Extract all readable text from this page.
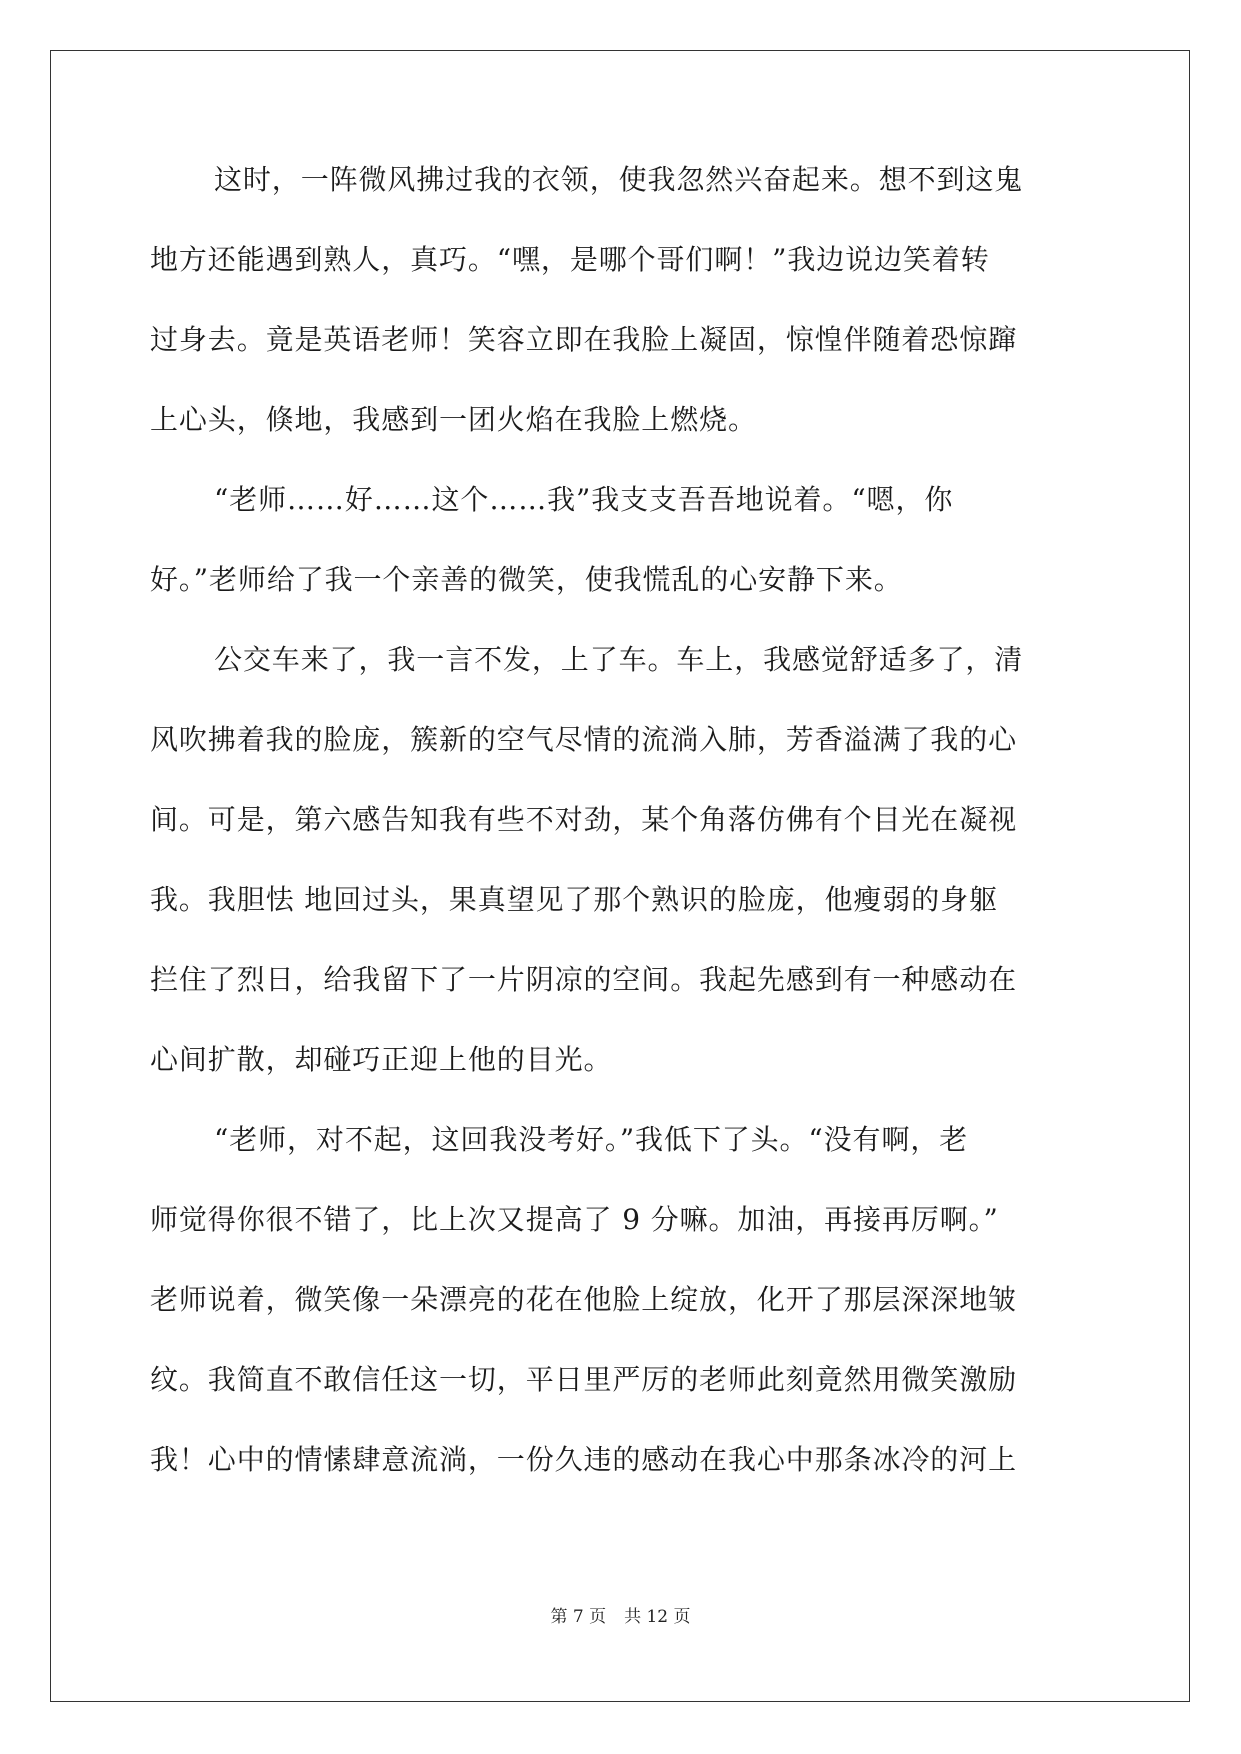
这时，一阵微风拂过我的衣领，使我忽然兴奋起来。想不到这鬼
地方还能遇到熟人，真巧。“嘿，是哪个哥们啊！”我边说边笑着转
过身去。竟是英语老师！笑容立即在我脸上凝固，惊惶伴随着恐惊蹿
上心头，倏地，我感到一团火焰在我脸上燃烧。
“老师……好……这个……我”我支支吾吾地说着。“嗯，你
好。”老师给了我一个亲善的微笑，使我慌乱的心安静下来。
公交车来了，我一言不发，上了车。车上，我感觉舒适多了，清
风吹拂着我的脸庞，簇新的空气尽情的流淌入肺，芳香溢满了我的心
间。可是，第六感告知我有些不对劲，某个角落仿佛有个目光在凝视
我。我胆怯 地回过头，果真望见了那个熟识的脸庞，他瘦弱的身躯
拦住了烈日，给我留下了一片阴凉的空间。我起先感到有一种感动在
心间扩散，却碰巧正迎上他的目光。
“老师，对不起，这回我没考好。”我低下了头。“没有啊，老
师觉得你很不错了，比上次又提高了 9 分嘛。加油，再接再厉啊。”
老师说着，微笑像一朵漂亮的花在他脸上绽放，化开了那层深深地皱
纹。我简直不敢信任这一切，平日里严厉的老师此刻竟然用微笑激励
我！心中的情愫肆意流淌，一份久违的感动在我心中那条冰冷的河上
第 7 页 共 12 页
